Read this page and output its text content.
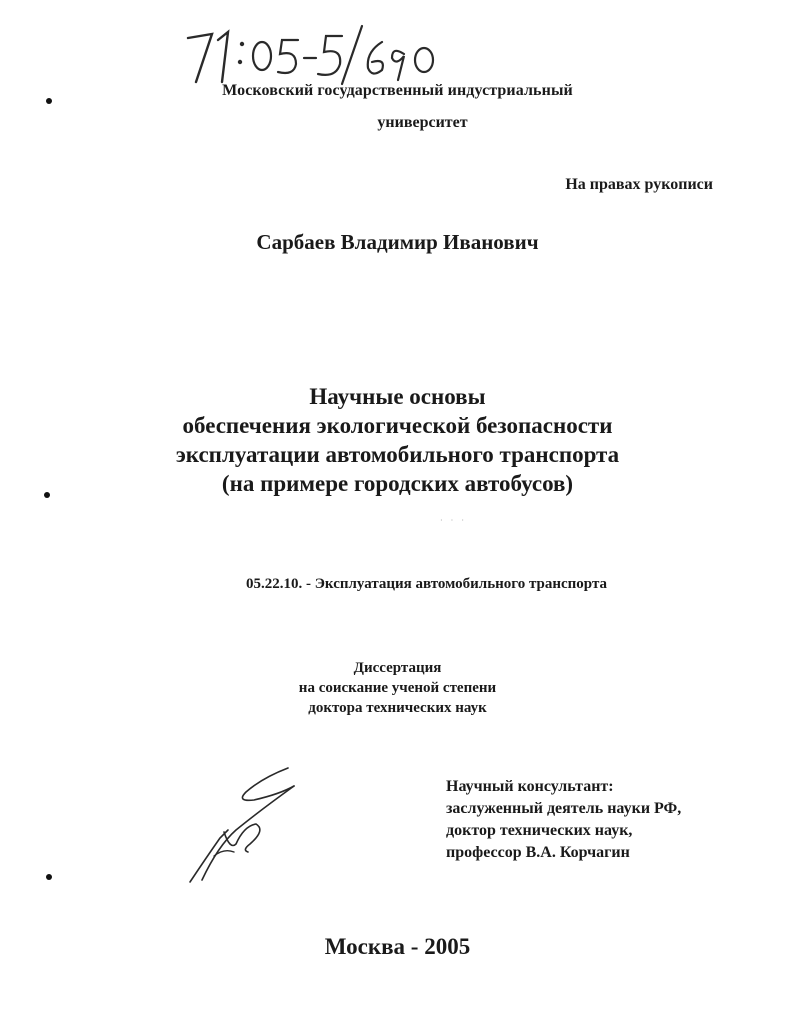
Московский государственный индустриальный
университет
На правах рукописи
Сарбаев Владимир Иванович
Научные основы
обеспечения экологической безопасности
эксплуатации автомобильного транспорта
(на примере городских автобусов)
· · ·
05.22.10. - Эксплуатация автомобильного транспорта
Диссертация
на соискание ученой степени
доктора технических наук
Научный консультант:
заслуженный деятель науки РФ,
доктор технических наук,
профессор В.А. Корчагин
Москва - 2005
